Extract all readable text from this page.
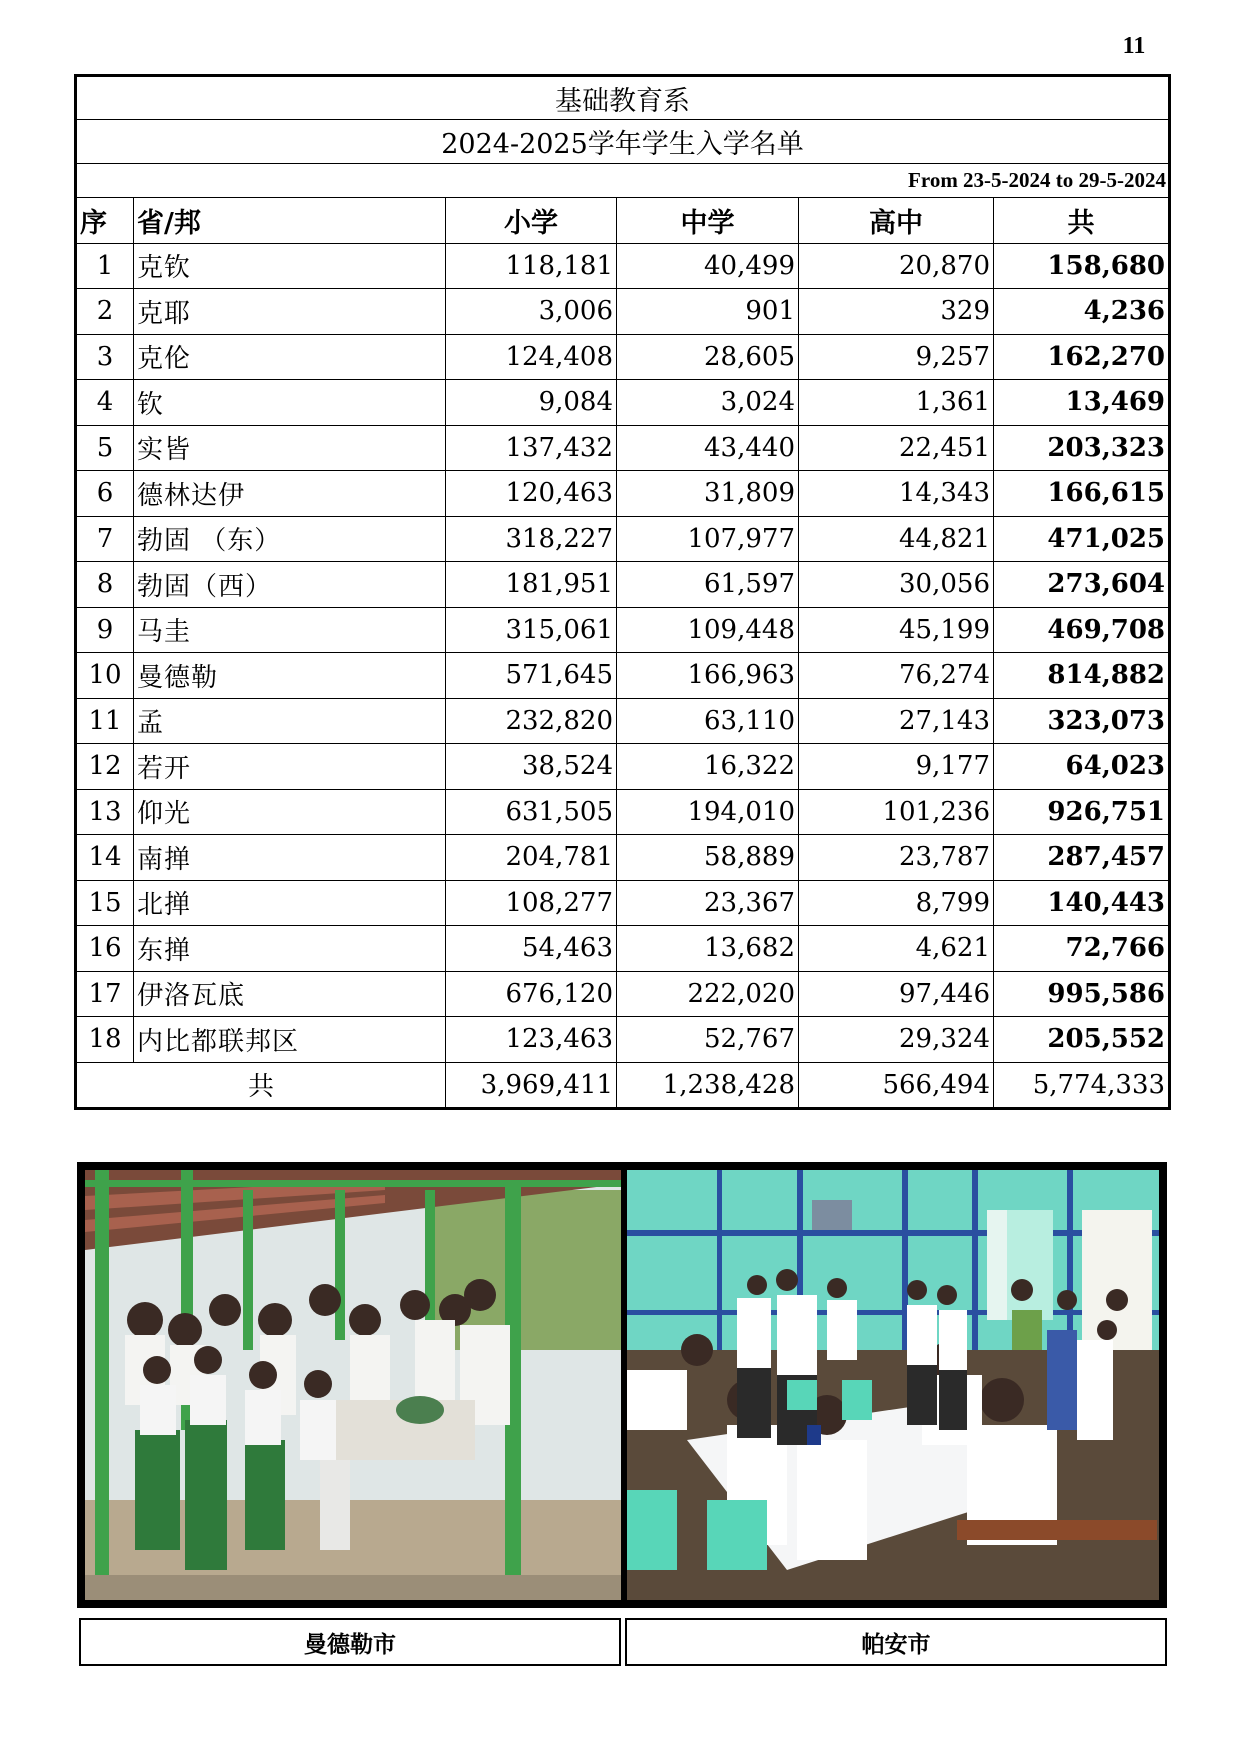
11
基础教育系					
2024-2025学年学生入学名单					
From 23-5-2024 to 29-5-2024					
序	省/邦	小学	中学	高中	共
1	克钦	118,181	40,499	20,870	158,680
2	克耶	3,006	901	329	4,236
3	克伦	124,408	28,605	9,257	162,270
4	钦	9,084	3,024	1,361	13,469
5	实皆	137,432	43,440	22,451	203,323
6	德林达伊	120,463	31,809	14,343	166,615
7	勃固 （东）	318,227	107,977	44,821	471,025
8	勃固（西）	181,951	61,597	30,056	273,604
9	马圭	315,061	109,448	45,199	469,708
10	曼德勒	571,645	166,963	76,274	814,882
11	孟	232,820	63,110	27,143	323,073
12	若开	38,524	16,322	9,177	64,023
13	仰光	631,505	194,010	101,236	926,751
14	南掸	204,781	58,889	23,787	287,457
15	北掸	108,277	23,367	8,799	140,443
16	东掸	54,463	13,682	4,621	72,766
17	伊洛瓦底	676,120	222,020	97,446	995,586
18	内比都联邦区	123,463	52,767	29,324	205,552
共		3,969,411	1,238,428	566,494	5,774,333
曼德勒市	帕安市
